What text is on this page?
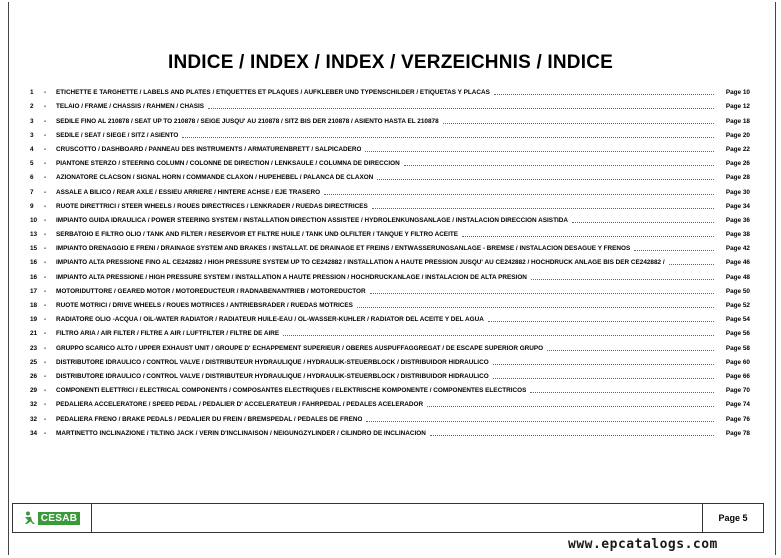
INDICE / INDEX / INDEX / VERZEICHNIS / INDICE
1	-	ETICHETTE E TARGHETTE / LABELS AND PLATES / ETIQUETTES ET PLAQUES / AUFKLEBER UND TYPENSCHILDER / ETIQUETAS Y PLACAS	Page 10
2	-	TELAIO / FRAME / CHASSIS / RAHMEN / CHASIS	Page 12
3	-	SEDILE FINO AL 210878 / SEAT UP TO 210878 / SEIGE JUSQU' AU 210878 / SITZ BIS DER 210878 / ASIENTO HASTA EL 210878	Page 18
3	-	SEDILE / SEAT / SIEGE / SITZ / ASIENTO	Page 20
4	-	CRUSCOTTO / DASHBOARD / PANNEAU DES INSTRUMENTS / ARMATURENBRETT / SALPICADERO	Page 22
5	-	PIANTONE STERZO / STEERING COLUMN / COLONNE DE DIRECTION / LENKSÄULE / COLUMNA DE DIRECCION	Page 26
6	-	AZIONATORE CLACSON / SIGNAL HORN / COMMANDE CLAXON / HUPEHEBEL / PALANCA DE CLAXON	Page 28
7	-	ASSALE A BILICO / REAR AXLE / ESSIEU ARRIERE / HINTERE ACHSE / EJE TRASERO	Page 30
9	-	RUOTE DIRETTRICI / STEER WHEELS / ROUES DIRECTRICES / LENKRÄDER / RUEDAS DIRECTRICES	Page 34
10	-	IMPIANTO GUIDA IDRAULICA / POWER STEERING SYSTEM / INSTALLATION DIRECTION ASSISTEE / HYDROLENKUNGSANLAGE / INSTALACION DIRECCION ASISTIDA	Page 36
13	-	SERBATOIO E FILTRO OLIO / TANK AND FILTER / RESERVOIR ET FILTRE HUILE / TANK UND ÖLFILTER / TANQUE Y FILTRO ACEITE	Page 38
15	-	IMPIANTO DRENAGGIO E FRENI / DRAINAGE SYSTEM AND BRAKES / INSTALLAT. DE DRAINAGE ET FREINS / ENTWÄSSERUNGSANLAGE - BREMSE / INSTALACION DESAGUE Y FRENOS	Page 42
16	-	IMPIANTO ALTA PRESSIONE FINO AL CE242882 / HIGH PRESSURE SYSTEM UP TO CE242882 / INSTALLATION A HAUTE PRESSION JUSQU' AU CE242882 / HOCHDRUCK ANLAGE BIS DER CE242882 /	Page 46
16	-	IMPIANTO ALTA PRESSIONE / HIGH PRESSURE SYSTEM / INSTALLATION A HAUTE PRESSION / HOCHDRUCKANLAGE / INSTALACION DE ALTA PRESION	Page 48
17	-	MOTORIDUTTORE / GEARED MOTOR / MOTOREDUCTEUR / RADNABENANTRIEB / MOTOREDUCTOR	Page 50
18	-	RUOTE MOTRICI / DRIVE WHEELS / ROUES MOTRICES / ANTRIEBSRÄDER / RUEDAS MOTRICES	Page 52
19	-	RADIATORE OLIO -ACQUA / OIL-WATER RADIATOR / RADIATEUR HUILE-EAU / ÖL-WASSER-KÜHLER / RADIATOR DEL ACEITE Y DEL AGUA	Page 54
21	-	FILTRO ARIA / AIR FILTER / FILTRE A AIR / LUFTFILTER / FILTRE DE AIRE	Page 56
23	-	GRUPPO SCARICO ALTO / UPPER EXHAUST UNIT / GROUPE D' ECHAPPEMENT SUPERIEUR / OBERES AUSPUFFAGGREGAT / DE ESCAPE SUPERIOR GRUPO	Page 58
25	-	DISTRIBUTORE IDRAULICO / CONTROL VALVE / DISTRIBUTEUR HYDRAULIQUE / HYDRAULIK-STEUERBLOCK / DISTRIBUIDOR HIDRAULICO	Page 60
26	-	DISTRIBUTORE IDRAULICO / CONTROL VALVE / DISTRIBUTEUR HYDRAULIQUE / HYDRAULIK-STEUERBLOCK / DISTRIBUIDOR HIDRAULICO	Page 66
29	-	COMPONENTI ELETTRICI / ELECTRICAL COMPONENTS / COMPOSANTES ELECTRIQUES / ELEKTRISCHE KOMPONENTE / COMPONENTES ELECTRICOS	Page 70
32	-	PEDALIERA ACCELERATORE / SPEED PEDAL / PEDALIER D' ACCELERATEUR / FAHRPEDAL / PEDALES ACELERADOR	Page 74
32	-	PEDALIERA FRENO / BRAKE PEDALS / PEDALIER DU FREIN / BREMSPEDAL / PEDALES DE FRENO	Page 76
34	-	MARTINETTO INCLINAZIONE / TILTING JACK / VERIN D'INCLINAISON / NEIGUNGZYLINDER / CILINDRO DE INCLINACION	Page 78
CESAB	Page 5
www.epcatalogs.com
